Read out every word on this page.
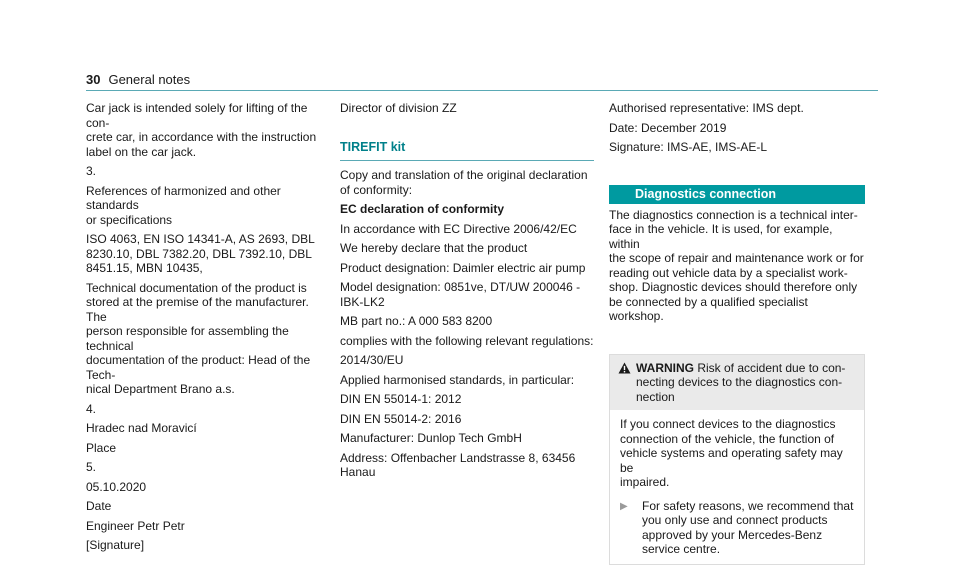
30 General notes

Car jack is intended solely for lifting of the con-
crete car, in accordance with the instruction
label on the car jack.

3.

References of harmonized and other standards
or specifications

ISO 4063, EN ISO 14341-A, AS 2693, DBL
8230.10, DBL 7382.20, DBL 7392.10, DBL
8451.15, MBN 10435,

Technical documentation of the product is
stored at the premise of the manufacturer. The
person responsible for assembling the technical
documentation of the product: Head of the Tech-
nical Department Brano a.s.

4.

Hradec nad Moravicí

Place

5.

05.10.2020

Date

Engineer Petr Petr

[Signature]

Director of division ZZ

TIREFIT kit

Copy and translation of the original declaration
of conformity:

EC declaration of conformity

In accordance with EC Directive 2006/42/EC

We hereby declare that the product

Product designation: Daimler electric air pump

Model designation: 0851ve, DT/UW 200046 -
IBK-LK2

MB part no.: A 000 583 8200

complies with the following relevant regulations:

2014/30/EU

Applied harmonised standards, in particular:

DIN EN 55014-1: 2012

DIN EN 55014-2: 2016

Manufacturer: Dunlop Tech GmbH

Address: Offenbacher Landstrasse 8, 63456
Hanau

Authorised representative: IMS dept.

Date: December 2019

Signature: IMS-AE, IMS-AE-L

Diagnostics connection

The diagnostics connection is a technical inter-
face in the vehicle. It is used, for example, within
the scope of repair and maintenance work or for
reading out vehicle data by a specialist work-
shop. Diagnostic devices should therefore only
be connected by a qualified specialist workshop.

WARNING Risk of accident due to con-
necting devices to the diagnostics con-
nection
If you connect devices to the diagnostics
connection of the vehicle, the function of
vehicle systems and operating safety may be
impaired.
▶	For safety reasons, we recommend that
you only use and connect products
approved by your Mercedes-Benz
service centre.
